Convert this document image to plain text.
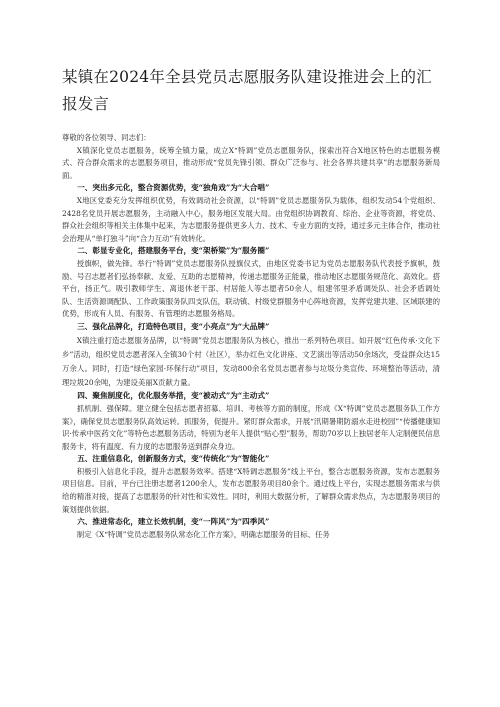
某镇在2024年全县党员志愿服务队建设推进会上的汇报发言

尊敬的各位领导、同志们：

X镇深化党员志愿服务，统筹全镇力量，成立X“特调”党员志愿服务队，探索出符合X地区特色的志愿服务模式、符合群众需求的志愿服务项目，推动形成“党员先锋引领、群众广泛参与、社会各界共建共享”的志愿服务新局面。

一、突出多元化，整合资源优势，变“独角戏”为“大合唱”

X地区党委充分发挥组织优势，有效调动社会资源，以“特调”党员志愿服务队为载体，组织发动54个党组织、2428名党员开展志愿服务，主动融入中心，服务地区发展大局。由党组织协调教育、综治、企业等资源，将党员、群众社会组织等相关主体集中起来，为志愿服务提供更多人力、技术、专业方面的支持，通过多元主体合作，推动社会治理从“单打独斗”向“合力互动”有效转化。

二、彰显专业化，搭建服务平台，变“架桥梁”为“服务圈”

授旗帜，做先锋。举行“特调”党员志愿服务队授旗仪式，由地区党委书记为党员志愿服务队代表授予旗帜，鼓励、号召志愿者们弘扬奉献、友爱、互助的志愿精神，传递志愿服务正能量，推动地区志愿服务规范化、高效化。搭平台，扬正气。吸引教师学生、离退休老干部、村居能人等志愿者50余人，组建邻里矛盾调处队、社会矛盾调处队、生活资源调配队、工作政策服务队四支队伍，联动镇、村级党群服务中心阵地资源，发挥党建共建、区域联建的优势，形成有人员、有服务、有管理的志愿服务格局。

三、强化品牌化，打造特色项目，变“小亮点”为“大品牌”

X镇注重打造志愿服务品牌，以“特调”党员志愿服务队为核心，推出一系列特色项目。如开展“红色传承·文化下乡”活动，组织党员志愿者深入全镇30个村（社区），举办红色文化讲座、文艺演出等活动50余场次，受益群众达15万余人。同时，打造“绿色家园·环保行动”项目，发动800余名党员志愿者参与垃圾分类宣传、环境整治等活动，清理垃圾20余吨，为建设美丽X贡献力量。

四、聚焦制度化，优化服务举措，变“被动式”为“主动式”

抓机制、强保障。建立健全包括志愿者招募、培训、考核等方面的制度，形成《X“特调”党员志愿服务队工作方案》，确保党员志愿服务队高效运转。抓服务，促提升。紧盯群众需求，开展“汛期暑期防溺水走进校园”“传播健康知识·传承中医药文化”等特色志愿服务活动，特别为老年人提供“贴心型”服务，帮助70岁以上独居老年人定制便民信息服务卡，将有温度、有力度的志愿服务送到群众身边。

五、注重信息化，创新服务方式，变“传统化”为“智能化”

积极引入信息化手段，提升志愿服务效率。搭建“X特调志愿服务”线上平台，整合志愿服务资源，发布志愿服务项目信息。目前，平台已注册志愿者1200余人，发布志愿服务项目80余个。通过线上平台，实现志愿服务需求与供给的精准对接，提高了志愿服务的针对性和实效性。同时，利用大数据分析，了解群众需求热点，为志愿服务项目的策划提供依据。

六、推进常态化，建立长效机制，变“一阵风”为“四季风”

制定《X“特调”党员志愿服务队常态化工作方案》，明确志愿服务的目标、任务
